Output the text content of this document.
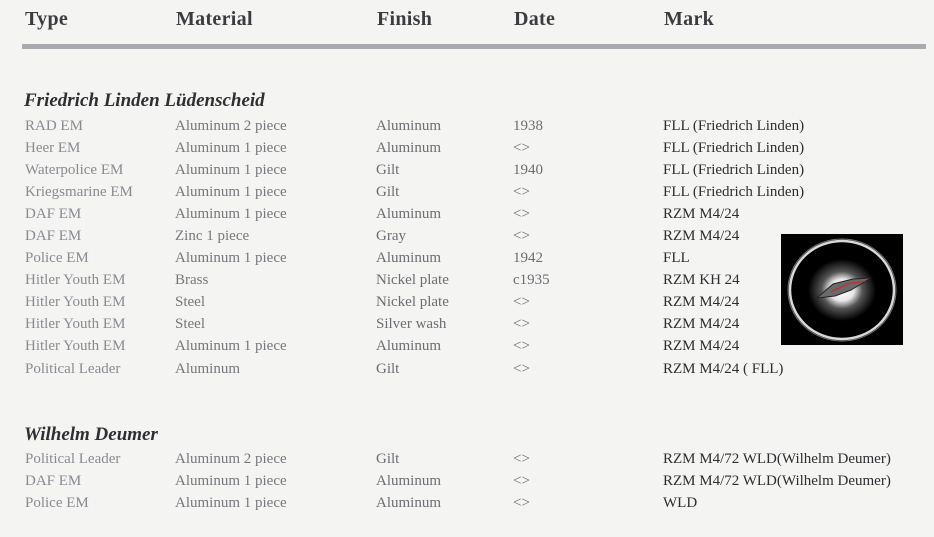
Type	Material	Finish	Date	Mark
Friedrich Linden Lüdenscheid
RAD EM	Aluminum 2 piece	Aluminum	1938	FLL (Friedrich Linden)
Heer EM	Aluminum 1 piece	Aluminum	<>	FLL (Friedrich Linden)
Waterpolice EM	Aluminum 1 piece	Gilt	1940	FLL (Friedrich Linden)
Kriegsmarine EM	Aluminum 1 piece	Gilt	<>	FLL (Friedrich Linden)
DAF EM	Aluminum 1 piece	Aluminum	<>	RZM M4/24
DAF EM	Zinc 1 piece	Gray	<>	RZM M4/24
Police EM	Aluminum 1 piece	Aluminum	1942	FLL
Hitler Youth EM	Brass	Nickel plate	c1935	RZM KH 24
Hitler Youth EM	Steel	Nickel plate	<>	RZM M4/24
Hitler Youth EM	Steel	Silver wash	<>	RZM M4/24
Hitler Youth EM	Aluminum 1 piece	Aluminum	<>	RZM M4/24
Political Leader	Aluminum	Gilt	<>	RZM M4/24 ( FLL)
Wilhelm Deumer
Political Leader	Aluminum 2 piece	Gilt	<>	RZM M4/72 WLD(Wilhelm Deumer)
DAF EM	Aluminum 1 piece	Aluminum	<>	RZM M4/72 WLD(Wilhelm Deumer)
Police EM	Aluminum 1 piece	Aluminum	<>	WLD
